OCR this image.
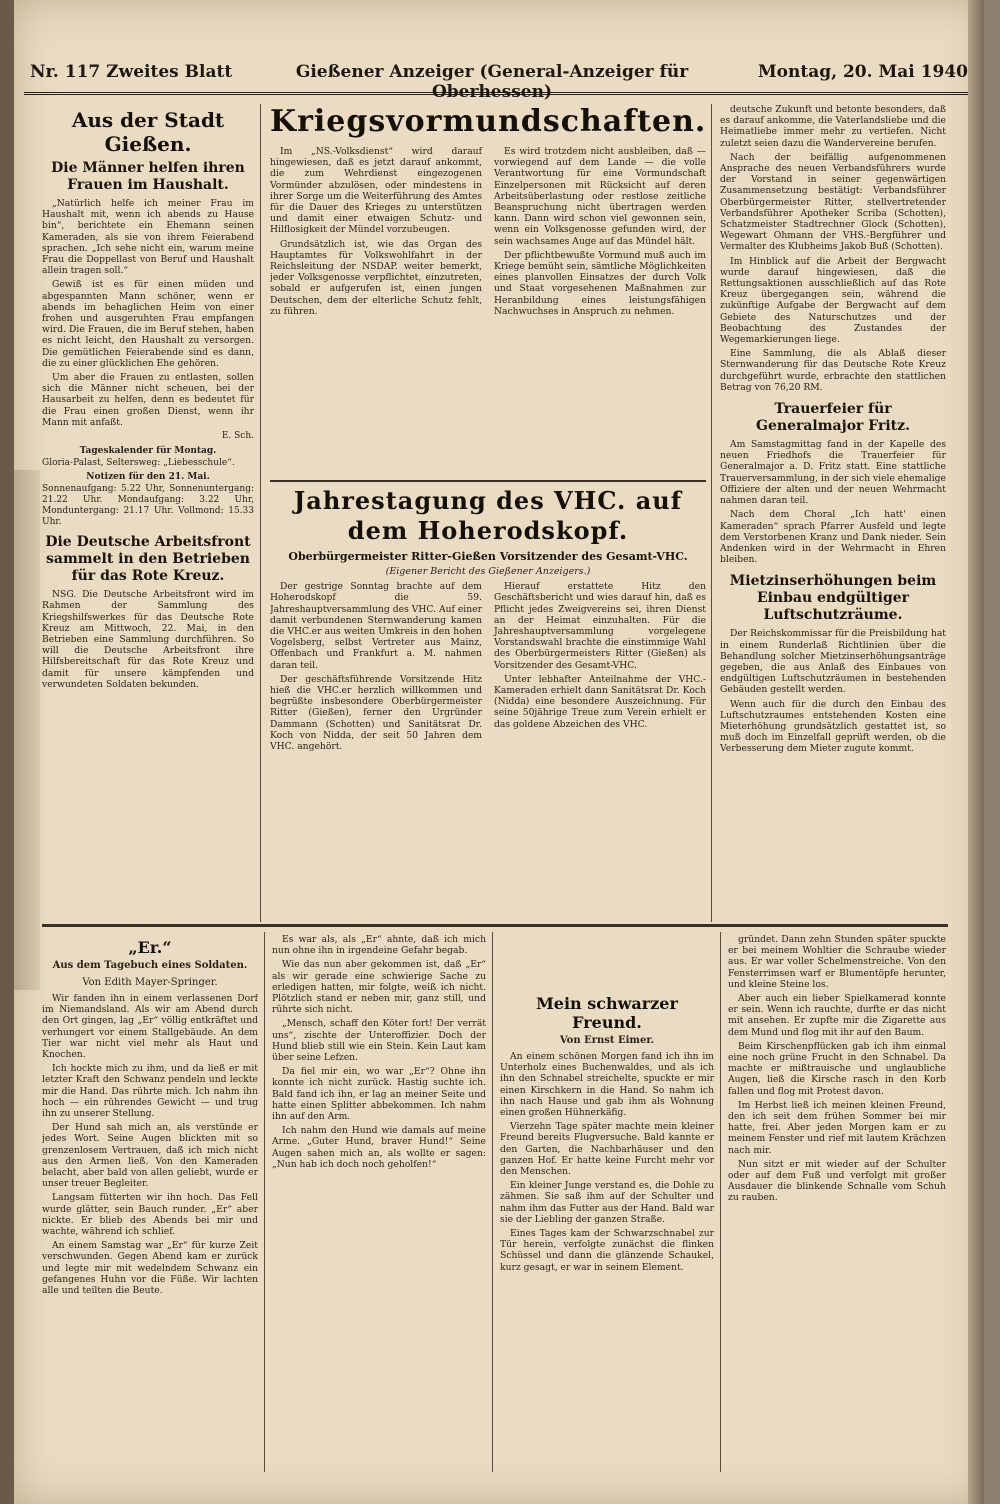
Nr. 117 Zweites Blatt	Gießener Anzeiger (General-Anzeiger für Oberhessen)
Montag, 20. Mai 1940
Aus der Stadt Gießen.
Die Männer helfen ihren Frauen im Haushalt.

„Natürlich helfe ich meiner Frau im Haushalt mit, wenn ich abends zu Hause bin“, berichtete ein Ehemann seinen Kameraden, als sie von ihrem Feierabend sprachen. „Ich sehe nicht ein, warum meine Frau die Doppellast von Beruf und Haushalt allein tragen soll.“

Gewiß ist es für einen müden und abgespannten Mann schöner, wenn er abends im behaglichen Heim von einer frohen und ausgeruhten Frau empfangen wird. Die Frauen, die im Beruf stehen, haben es nicht leicht, den Haushalt zu versorgen. Die gemütlichen Feierabende sind es dann, die zu einer glücklichen Ehe gehören.

Um aber die Frauen zu entlasten, sollen sich die Männer nicht scheuen, bei der Hausarbeit zu helfen, denn es bedeutet für die Frau einen großen Dienst, wenn ihr Mann mit anfaßt.

E. Sch.
Tageskalender für Montag.
Gloria-Palast, Seltersweg: „Liebesschule“.
Notizen für den 21. Mai.
Sonnenaufgang: 5.22 Uhr, Sonnenuntergang: 21.22 Uhr. Mondaufgang: 3.22 Uhr, Monduntergang: 21.17 Uhr. Vollmond: 15.33 Uhr.
Die Deutsche Arbeitsfront sammelt in den Betrieben für das Rote Kreuz.

NSG. Die Deutsche Arbeitsfront wird im Rahmen der Sammlung des Kriegshilfswerkes für das Deutsche Rote Kreuz am Mittwoch, 22. Mai, in den Betrieben eine Sammlung durchführen. So will die Deutsche Arbeitsfront ihre Hilfsbereitschaft für das Rote Kreuz und damit für unsere kämpfenden und verwundeten Soldaten bekunden.

Kriegsvormundschaften.

Im „NS.-Volksdienst“ wird darauf hingewiesen, daß es jetzt darauf ankommt, die zum Wehrdienst eingezogenen Vormünder abzulösen, oder mindestens in ihrer Sorge um die Weiterführung des Amtes für die Dauer des Krieges zu unterstützen und damit einer etwaigen Schutz- und Hilflosigkeit der Mündel vorzubeugen.

Grundsätzlich ist, wie das Organ des Hauptamtes für Volkswohlfahrt in der Reichsleitung der NSDAP. weiter bemerkt, jeder Volksgenosse verpflichtet, einzutreten, sobald er aufgerufen ist, einen jungen Deutschen, dem der elterliche Schutz fehlt, zu führen.

Es wird trotzdem nicht ausbleiben, daß — vorwiegend auf dem Lande — die volle Verantwortung für eine Vormundschaft Einzelpersonen mit Rücksicht auf deren Arbeitsüberlastung oder restlose zeitliche Beanspruchung nicht übertragen werden kann. Dann wird schon viel gewonnen sein, wenn ein Volksgenosse gefunden wird, der sein wachsames Auge auf das Mündel hält.

Der pflichtbewußte Vormund muß auch im Kriege bemüht sein, sämtliche Möglichkeiten eines planvollen Einsatzes der durch Volk und Staat vorgesehenen Maßnahmen zur Heranbildung eines leistungsfähigen Nachwuchses in Anspruch zu nehmen.

Jahrestagung des VHC. auf dem Hoherodskopf.
Oberbürgermeister Ritter-Gießen Vorsitzender des Gesamt-VHC.
(Eigener Bericht des Gießener Anzeigers.)

Der gestrige Sonntag brachte auf dem Hoherodskopf die 59. Jahreshauptversammlung des VHC. Auf einer damit verbundenen Sternwanderung kamen die VHC.er aus weiten Umkreis in den hohen Vogelsberg, selbst Vertreter aus Mainz, Offenbach und Frankfurt a. M. nahmen daran teil.

Der geschäftsführende Vorsitzende Hitz hieß die VHC.er herzlich willkommen und begrüßte insbesondere Oberbürgermeister Ritter (Gießen), ferner den Urgründer Dammann (Schotten) und Sanitätsrat Dr. Koch von Nidda, der seit 50 Jahren dem VHC. angehört.

Hierauf erstattete Hitz den Geschäftsbericht und wies darauf hin, daß es Pflicht jedes Zweigvereins sei, ihren Dienst an der Heimat einzuhalten. Für die Jahreshauptversammlung vorgelegene Vorstandswahl brachte die einstimmige Wahl des Oberbürgermeisters Ritter (Gießen) als Vorsitzender des Gesamt-VHC.

Unter lebhafter Anteilnahme der VHC.-Kameraden erhielt dann Sanitätsrat Dr. Koch (Nidda) eine besondere Auszeichnung. Für seine 50jährige Treue zum Verein erhielt er das goldene Abzeichen des VHC.

deutsche Zukunft und betonte besonders, daß es darauf ankomme, die Vaterlandsliebe und die Heimatliebe immer mehr zu vertiefen. Nicht zuletzt seien dazu die Wandervereine berufen.

Nach der beifällig aufgenommenen Ansprache des neuen Verbandsführers wurde der Vorstand in seiner gegenwärtigen Zusammensetzung bestätigt: Verbandsführer Oberbürgermeister Ritter, stellvertretender Verbandsführer Apotheker Scriba (Schotten), Schatzmeister Stadtrechner Glock (Schotten), Wegewart Ohmann der VHS.-Bergführer und Vermalter des Klubheims Jakob Buß (Schotten).

Im Hinblick auf die Arbeit der Bergwacht wurde darauf hingewiesen, daß die Rettungsaktionen ausschließlich auf das Rote Kreuz übergegangen sein, während die zukünftige Aufgabe der Bergwacht auf dem Gebiete des Naturschutzes und der Beobachtung des Zustandes der Wegemarkierungen liege.

Eine Sammlung, die als Ablaß dieser Sternwanderung für das Deutsche Rote Kreuz durchgeführt wurde, erbrachte den stattlichen Betrag von 76,20 RM.

Trauerfeier für Generalmajor Fritz.

Am Samstagmittag fand in der Kapelle des neuen Friedhofs die Trauerfeier für Generalmajor a. D. Fritz statt. Eine stattliche Trauerversammlung, in der sich viele ehemalige Offiziere der alten und der neuen Wehrmacht nahmen daran teil.

Nach dem Choral „Ich hatt' einen Kameraden“ sprach Pfarrer Ausfeld und legte dem Verstorbenen Kranz und Dank nieder. Sein Andenken wird in der Wehrmacht in Ehren bleiben.

Mietzinserhöhungen beim Einbau endgültiger Luftschutzräume.

Der Reichskommissar für die Preisbildung hat in einem Runderlaß Richtlinien über die Behandlung solcher Mietzinserhöhungsanträge gegeben, die aus Anlaß des Einbaues von endgültigen Luftschutzräumen in bestehenden Gebäuden gestellt werden.

Wenn auch für die durch den Einbau des Luftschutzraumes entstehenden Kosten eine Mieterhöhung grundsätzlich gestattet ist, so muß doch im Einzelfall geprüft werden, ob die Verbesserung dem Mieter zugute kommt.

„Er.“
Aus dem Tagebuch eines Soldaten.
Von Edith Mayer-Springer.

Wir fanden ihn in einem verlassenen Dorf im Niemandsland. Als wir am Abend durch den Ort gingen, lag „Er“ völlig entkräftet und verhungert vor einem Stallgebäude. An dem Tier war nicht viel mehr als Haut und Knochen.

Ich hockte mich zu ihm, und da ließ er mit letzter Kraft den Schwanz pendeln und leckte mir die Hand. Das rührte mich. Ich nahm ihn hoch — ein rührendes Gewicht — und trug ihn zu unserer Stellung.

Der Hund sah mich an, als verstünde er jedes Wort. Seine Augen blickten mit so grenzenlosem Vertrauen, daß ich mich nicht aus den Armen ließ. Von den Kameraden belacht, aber bald von allen geliebt, wurde er unser treuer Begleiter.

Langsam fütterten wir ihn hoch. Das Fell wurde glätter, sein Bauch runder. „Er“ aber nickte. Er blieb des Abends bei mir und wachte, während ich schlief.

An einem Samstag war „Er“ für kurze Zeit verschwunden. Gegen Abend kam er zurück und legte mir mit wedelndem Schwanz ein gefangenes Huhn vor die Füße. Wir lachten alle und teilten die Beute.

Es war als, als „Er“ ahnte, daß ich mich nun ohne ihn in irgendeine Gefahr begab.

Wie das nun aber gekommen ist, daß „Er“ als wir gerade eine schwierige Sache zu erledigen hatten, mir folgte, weiß ich nicht. Plötzlich stand er neben mir, ganz still, und rührte sich nicht.

„Mensch, schaff den Köter fort! Der verrät uns“, zischte der Unteroffizier. Doch der Hund blieb still wie ein Stein. Kein Laut kam über seine Lefzen.

Da fiel mir ein, wo war „Er“? Ohne ihn konnte ich nicht zurück. Hastig suchte ich. Bald fand ich ihn, er lag an meiner Seite und hatte einen Splitter abbekommen. Ich nahm ihn auf den Arm.

Ich nahm den Hund wie damals auf meine Arme. „Guter Hund, braver Hund!“ Seine Augen sahen mich an, als wollte er sagen: „Nun hab ich doch noch geholfen!“

Mein schwarzer Freund.
Von Ernst Eimer.

An einem schönen Morgen fand ich ihn im Unterholz eines Buchenwaldes, und als ich ihn den Schnabel streichelte, spuckte er mir einen Kirschkern in die Hand. So nahm ich ihn nach Hause und gab ihm als Wohnung einen großen Hühnerkäfig.

Vierzehn Tage später machte mein kleiner Freund bereits Flugversuche. Bald kannte er den Garten, die Nachbarhäuser und den ganzen Hof. Er hatte keine Furcht mehr vor den Menschen.

Ein kleiner Junge verstand es, die Dohle zu zähmen. Sie saß ihm auf der Schulter und nahm ihm das Futter aus der Hand. Bald war sie der Liebling der ganzen Straße.

Eines Tages kam der Schwarzschnabel zur Tür herein, verfolgte zunächst die flinken Schüssel und dann die glänzende Schaukel, kurz gesagt, er war in seinem Element.

gründet. Dann zehn Stunden später spuckte er bei meinem Wohltier die Schraube wieder aus. Er war voller Schelmenstreiche. Von den Fensterrimsen warf er Blumentöpfe herunter, und kleine Steine los.

Aber auch ein lieber Spielkamerad konnte er sein. Wenn ich rauchte, durfte er das nicht mit ansehen. Er zupfte mir die Zigarette aus dem Mund und flog mit ihr auf den Baum.

Beim Kirschenpflücken gab ich ihm einmal eine noch grüne Frucht in den Schnabel. Da machte er mißtrauische und unglaubliche Augen, ließ die Kirsche rasch in den Korb fallen und flog mit Protest davon.

Im Herbst ließ ich meinen kleinen Freund, den ich seit dem frühen Sommer bei mir hatte, frei. Aber jeden Morgen kam er zu meinem Fenster und rief mit lautem Krächzen nach mir.

Nun sitzt er mit wieder auf der Schulter oder auf dem Fuß und verfolgt mit großer Ausdauer die blinkende Schnalle vom Schuh zu rauben.
